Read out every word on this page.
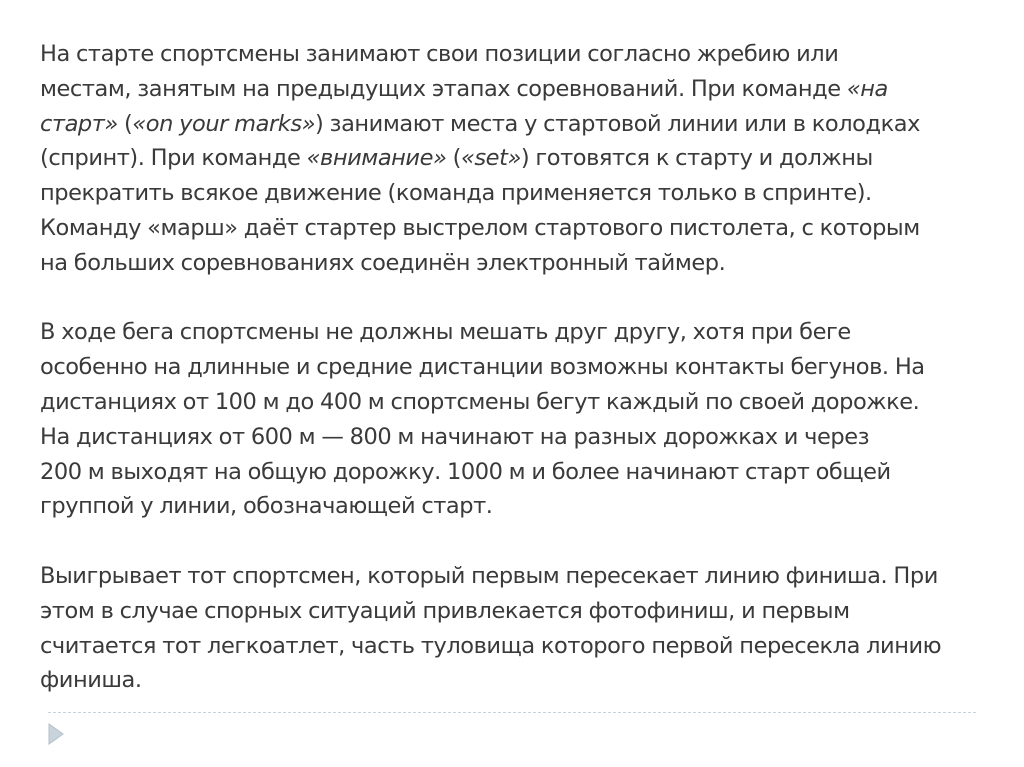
На старте спортсмены занимают свои позиции согласно жребию или
местам, занятым на предыдущих этапах соревнований. При команде «на
старт» («on your marks») занимают места у стартовой линии или в колодках
(спринт). При команде «внимание» («set») готовятся к старту и должны
прекратить всякое движение (команда применяется только в спринте).
Команду «марш» даёт стартер выстрелом стартового пистолета, с которым
на больших соревнованиях соединён электронный таймер.

В ходе бега спортсмены не должны мешать друг другу, хотя при беге
особенно на длинные и средние дистанции возможны контакты бегунов. На
дистанциях от 100 м до 400 м спортсмены бегут каждый по своей дорожке.
На дистанциях от 600 м — 800 м начинают на разных дорожках и через
200 м выходят на общую дорожку. 1000 м и более начинают старт общей
группой у линии, обозначающей старт.

Выигрывает тот спортсмен, который первым пересекает линию финиша. При
этом в случае спорных ситуаций привлекается фотофиниш, и первым
считается тот легкоатлет, часть туловища которого первой пересекла линию
финиша.
